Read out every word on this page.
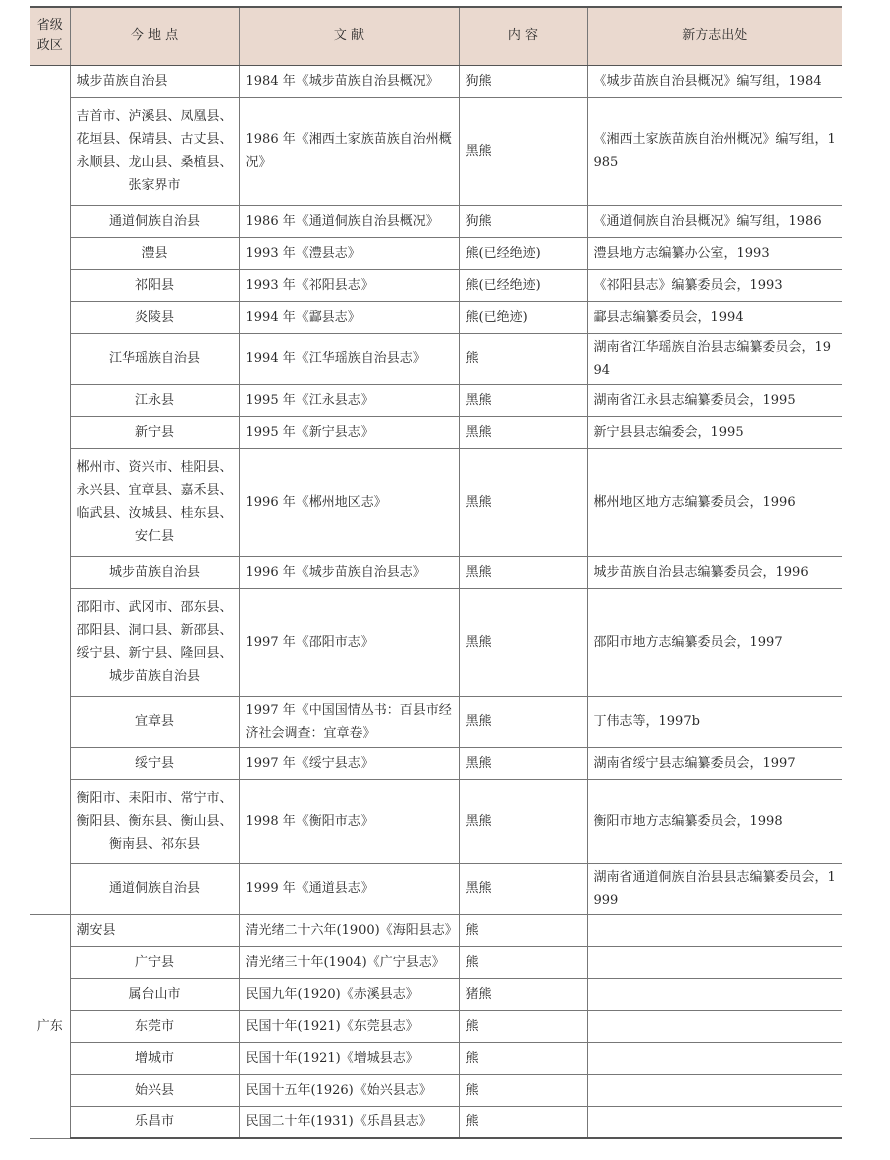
省级政区	今 地 点	文 献	内 容	新方志出处
	城步苗族自治县	1984 年《城步苗族自治县概况》	狗熊	《城步苗族自治县概况》编写组，1984
	吉首市、泸溪县、凤凰县、花垣县、保靖县、古丈县、永顺县、龙山县、桑植县、张家界市	1986 年《湘西土家族苗族自治州概况》	黑熊	《湘西土家族苗族自治州概况》编写组，1985
	通道侗族自治县	1986 年《通道侗族自治县概况》	狗熊	《通道侗族自治县概况》编写组，1986
	澧县	1993 年《澧县志》	熊(已经绝迹)	澧县地方志编纂办公室，1993
	祁阳县	1993 年《祁阳县志》	熊(已经绝迹)	《祁阳县志》编纂委员会，1993
	炎陵县	1994 年《酃县志》	熊(已绝迹)	酃县志编纂委员会，1994
	江华瑶族自治县	1994 年《江华瑶族自治县志》	熊	湖南省江华瑶族自治县志编纂委员会，1994
	江永县	1995 年《江永县志》	黑熊	湖南省江永县志编纂委员会，1995
	新宁县	1995 年《新宁县志》	黑熊	新宁县县志编委会，1995
	郴州市、资兴市、桂阳县、永兴县、宜章县、嘉禾县、临武县、汝城县、桂东县、安仁县	1996 年《郴州地区志》	黑熊	郴州地区地方志编纂委员会，1996
	城步苗族自治县	1996 年《城步苗族自治县志》	黑熊	城步苗族自治县志编纂委员会，1996
	邵阳市、武冈市、邵东县、邵阳县、洞口县、新邵县、绥宁县、新宁县、隆回县、城步苗族自治县	1997 年《邵阳市志》	黑熊	邵阳市地方志编纂委员会，1997
	宜章县	1997 年《中国国情丛书：百县市经济社会调查：宜章卷》	黑熊	丁伟志等，1997b
	绥宁县	1997 年《绥宁县志》	黑熊	湖南省绥宁县志编纂委员会，1997
	衡阳市、耒阳市、常宁市、衡阳县、衡东县、衡山县、衡南县、祁东县	1998 年《衡阳市志》	黑熊	衡阳市地方志编纂委员会，1998
	通道侗族自治县	1999 年《通道县志》	黑熊	湖南省通道侗族自治县县志编纂委员会，1999
广东	潮安县	清光绪二十六年(1900)《海阳县志》	熊	
	广宁县	清光绪三十年(1904)《广宁县志》	熊	
	属台山市	民国九年(1920)《赤溪县志》	猪熊	
	东莞市	民国十年(1921)《东莞县志》	熊	
	增城市	民国十年(1921)《增城县志》	熊	
	始兴县	民国十五年(1926)《始兴县志》	熊	
	乐昌市	民国二十年(1931)《乐昌县志》	熊	
